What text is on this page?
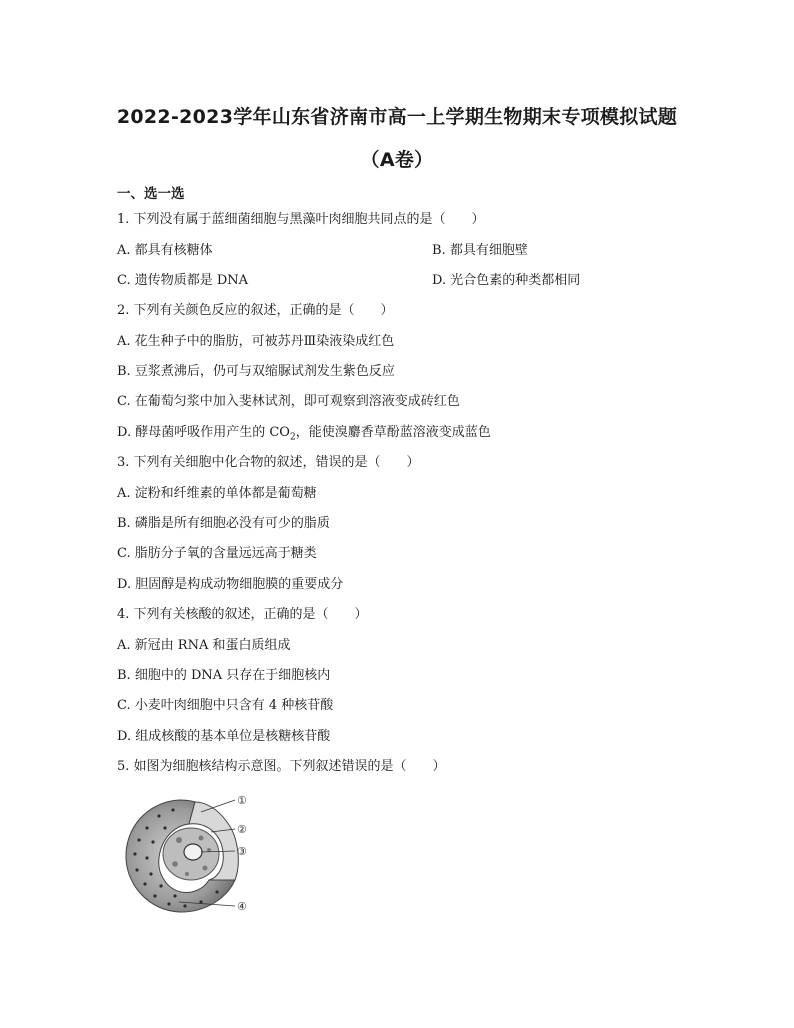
2022-2023学年山东省济南市高一上学期生物期末专项模拟试题
（A卷）
一、选一选
1. 下列没有属于蓝细菌细胞与黑藻叶肉细胞共同点的是（　　）
A. 都具有核糖体	B. 都具有细胞壁
C. 遗传物质都是 DNA	D. 光合色素的种类都相同
2. 下列有关颜色反应的叙述，正确的是（　　）
A. 花生种子中的脂肪，可被苏丹Ⅲ染液染成红色
B. 豆浆煮沸后，仍可与双缩脲试剂发生紫色反应
C. 在葡萄匀浆中加入斐林试剂，即可观察到溶液变成砖红色
D. 酵母菌呼吸作用产生的 $CO_2$，能使溴麝香草酚蓝溶液变成蓝色
3. 下列有关细胞中化合物的叙述，错误的是（　　）
A. 淀粉和纤维素的单体都是葡萄糖
B. 磷脂是所有细胞必没有可少的脂质
C. 脂肪分子氧的含量远远高于糖类
D. 胆固醇是构成动物细胞膜的重要成分
4. 下列有关核酸的叙述，正确的是（　　）
A. 新冠由 RNA 和蛋白质组成
B. 细胞中的 DNA 只存在于细胞核内
C. 小麦叶肉细胞中只含有 4 种核苷酸
D. 组成核酸的基本单位是核糖核苷酸
5. 如图为细胞核结构示意图。下列叙述错误的是（　　）
①
②
③
④
